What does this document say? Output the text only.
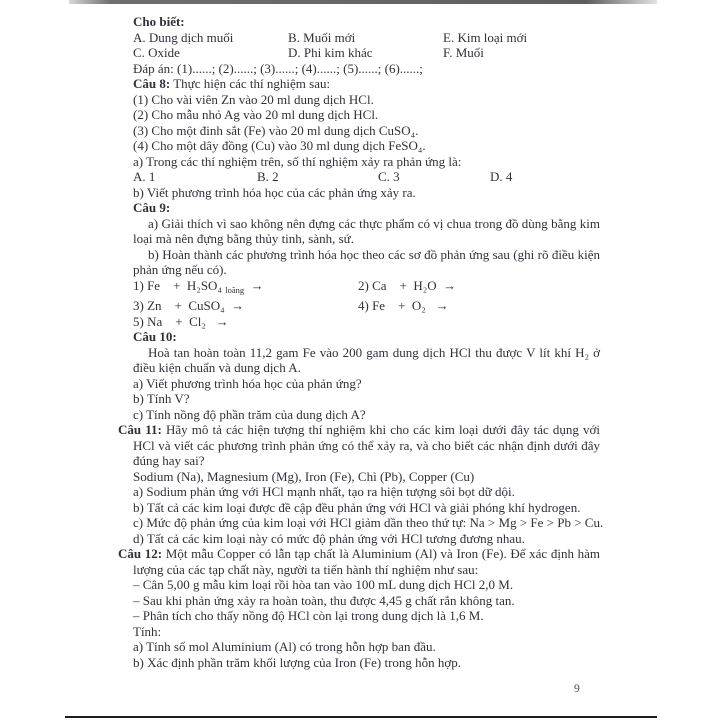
Cho biết:
A. Dung dịch muối	B. Muối mới	E. Kim loại mới
C. Oxide	D. Phi kim khác	F. Muối
Đáp án: (1)......; (2)......; (3)......; (4)......; (5)......; (6)......;
Câu 8: Thực hiện các thí nghiệm sau:
(1) Cho vài viên Zn vào 20 ml dung dịch HCl.
(2) Cho mẫu nhỏ Ag vào 20 ml dung dịch HCl.
(3) Cho một đinh sắt (Fe) vào 20 ml dung dịch CuSO₄.
(4) Cho một dây đồng (Cu) vào 30 ml dung dịch FeSO₄.
a) Trong các thí nghiệm trên, số thí nghiệm xảy ra phản ứng là:
A. 1	B. 2	C. 3	D. 4
b) Viết phương trình hóa học của các phản ứng xảy ra.
Câu 9:

a) Giải thích vì sao không nên đựng các thực phẩm có vị chua trong đồ dùng bằng kim loại mà nên đựng bằng thủy tinh, sành, sứ.

b) Hoàn thành các phương trình hóa học theo các sơ đồ phản ứng sau (ghi rõ điều kiện phản ứng nếu có).

1) Fe    +  H₂SO₄ $_{loãng}$  →	2) Ca    +  H₂O  →
3) Zn    +  CuSO₄  →	4) Fe    +  O₂   →
5) Na    +  Cl₂   →
Câu 10:

Hoà tan hoàn toàn 11,2 gam Fe vào 200 gam dung dịch HCl thu được V lít khí H₂ ở điều kiện chuẩn và dung dịch A.

a) Viết phương trình hóa học của phản ứng?
b) Tính V?
c) Tính nồng độ phần trăm của dung dịch A?

Câu 11: Hãy mô tả các hiện tượng thí nghiệm khi cho các kim loại dưới đây tác dụng với HCl và viết các phương trình phản ứng có thể xảy ra, và cho biết các nhận định dưới đây đúng hay sai?

Sodium (Na), Magnesium (Mg), Iron (Fe), Chì (Pb), Copper (Cu)
a) Sodium phản ứng với HCl mạnh nhất, tạo ra hiện tượng sôi bọt dữ dội.
b) Tất cả các kim loại được đề cập đều phản ứng với HCl và giải phóng khí hydrogen.
c) Mức độ phản ứng của kim loại với HCl giảm dần theo thứ tự: Na > Mg > Fe > Pb > Cu.
d) Tất cả các kim loại này có mức độ phản ứng với HCl tương đương nhau.

Câu 12: Một mẫu Copper có lẫn tạp chất là Aluminium (Al) và Iron (Fe). Để xác định hàm lượng của các tạp chất này, người ta tiến hành thí nghiệm như sau:

– Cân 5,00 g mẫu kim loại rồi hòa tan vào 100 mL dung dịch HCl 2,0 M.
– Sau khi phản ứng xảy ra hoàn toàn, thu được 4,45 g chất rắn không tan.
– Phân tích cho thấy nồng độ HCl còn lại trong dung dịch là 1,6 M.
Tính:
a) Tính số mol Aluminium (Al) có trong hỗn hợp ban đầu.
b) Xác định phần trăm khối lượng của Iron (Fe) trong hỗn hợp.
9
